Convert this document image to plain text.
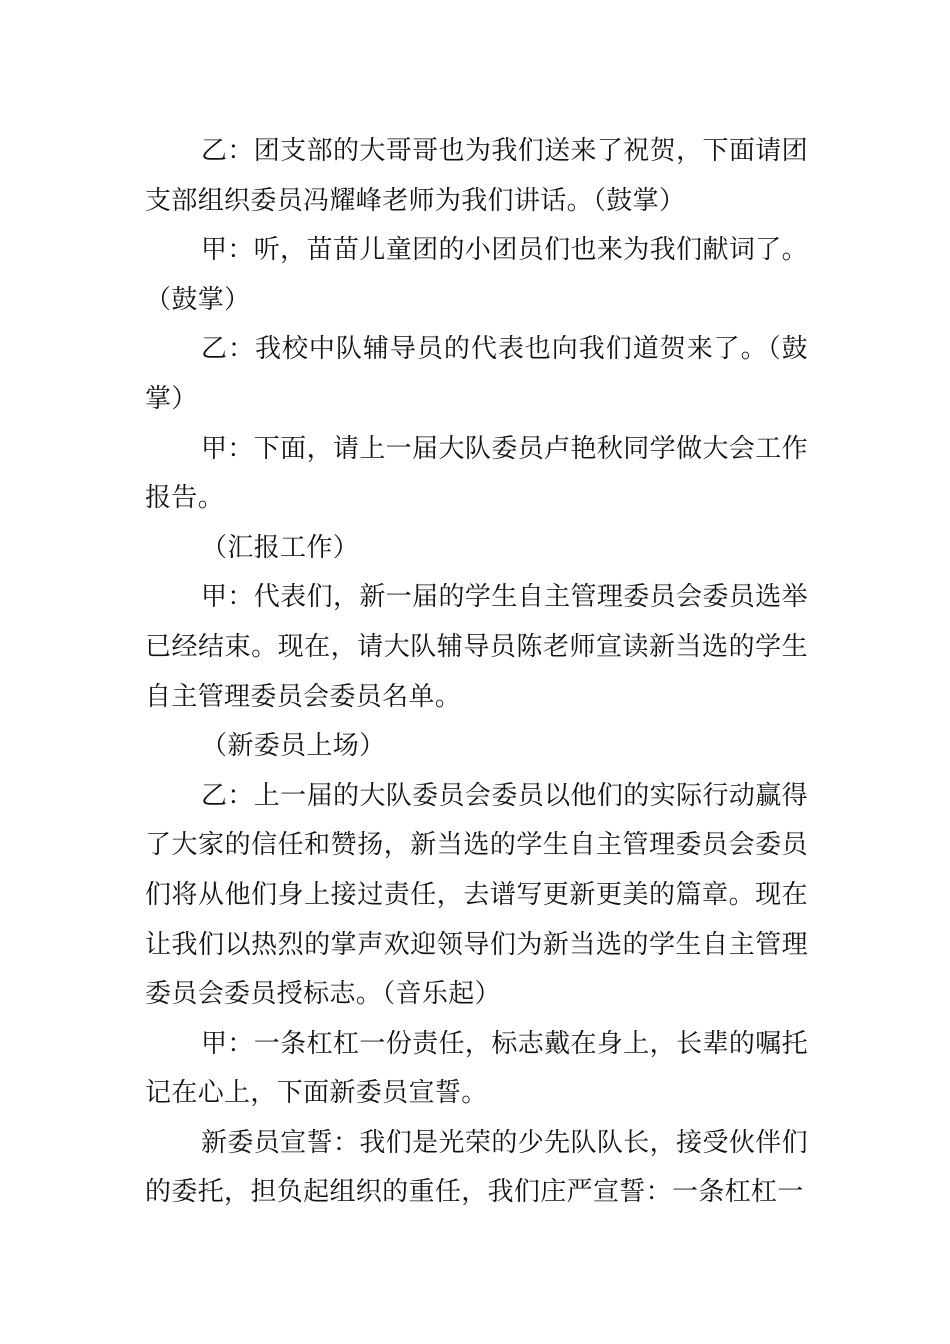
乙：团支部的大哥哥也为我们送来了祝贺，下面请团支部组织委员冯耀峰老师为我们讲话。（鼓掌）

甲：听，苗苗儿童团的小团员们也来为我们献词了。（鼓掌）

乙：我校中队辅导员的代表也向我们道贺来了。（鼓掌）

甲：下面，请上一届大队委员卢艳秋同学做大会工作报告。

（汇报工作）

甲：代表们，新一届的学生自主管理委员会委员选举已经结束。现在，请大队辅导员陈老师宣读新当选的学生自主管理委员会委员名单。

（新委员上场）

乙：上一届的大队委员会委员以他们的实际行动赢得了大家的信任和赞扬，新当选的学生自主管理委员会委员们将从他们身上接过责任，去谱写更新更美的篇章。现在让我们以热烈的掌声欢迎领导们为新当选的学生自主管理委员会委员授标志。（音乐起）

甲：一条杠杠一份责任，标志戴在身上，长辈的嘱托记在心上，下面新委员宣誓。

新委员宣誓：我们是光荣的少先队队长，接受伙伴们的委托，担负起组织的重任，我们庄严宣誓：一条杠杠一
